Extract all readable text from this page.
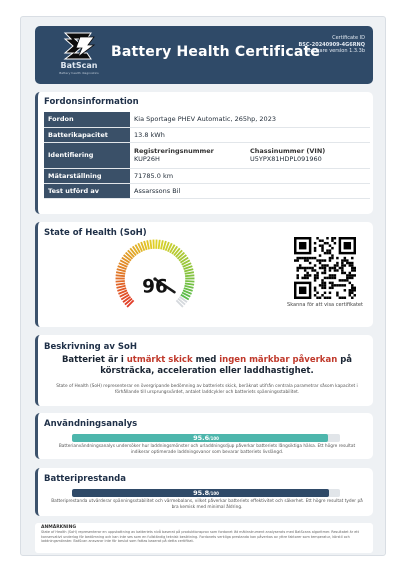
BatScan
Battery health diagnostics
Battery Health Certificate
Certificate ID
BSC-20240909-4G6RNQ
Software version 1.3.3b
Fordonsinformation
Fordon	Kia Sportage PHEV Automatic, 265hp, 2023
Batterikapacitet	13.8 kWh
Identifiering	Registreringsnummer
KUP26H
Chassinummer (VIN)
U5YPX81HDPL091960

Mätarställning	71785.0 km
Test utförd av	Assarssons Bil
State of Health (SoH)
96
Skanna för att visa certifikatet
Beskrivning av SoH
Batteriet är i utmärkt skick med ingen märkbar påverkan på körsträcka, acceleration eller laddhastighet.
State of Health (SoH) representerar en övergripande bedömning av batteriets skick, beräknat utifrån centrala parametrar såsom kapacitet i förhållande till ursprungsvärdet, antalet laddcykler och batteriets spänningsstabilitet.
Användningsanalys
95.6/100
Batterianvändningsanalys undersöker hur laddningsmönster och urladdningsdjup påverkar batteriets långsiktiga hälsa. Ett högre resultat indikerar optimerade laddningsvanor som bevarar batteriets livslängd.
Batteriprestanda
95.8/100
Batteriprestanda utvärderar spänningsstabilitet och värmebalans, vilket påverkar batteriets effektivitet och säkerhet. Ett högre resultat tyder på bra kemisk med minimal åldring.
ANMÄRKNING
State of Health (SoH) representerar en uppskattning av batteriets nivå baserat på produktionsprov som fordonet lät mätinstrument analyserats med BatScans algoritmer. Resultatet är ett konservativt underlag för bedömning och kan inte ses som en fullständig teknisk besiktning. Fordonets verkliga prestanda kan påverkas av yttre faktorer som temperatur, körstil och laddningsmönster. BatScan ansvarar inte för beslut som fattas baserat på detta certifikat.
